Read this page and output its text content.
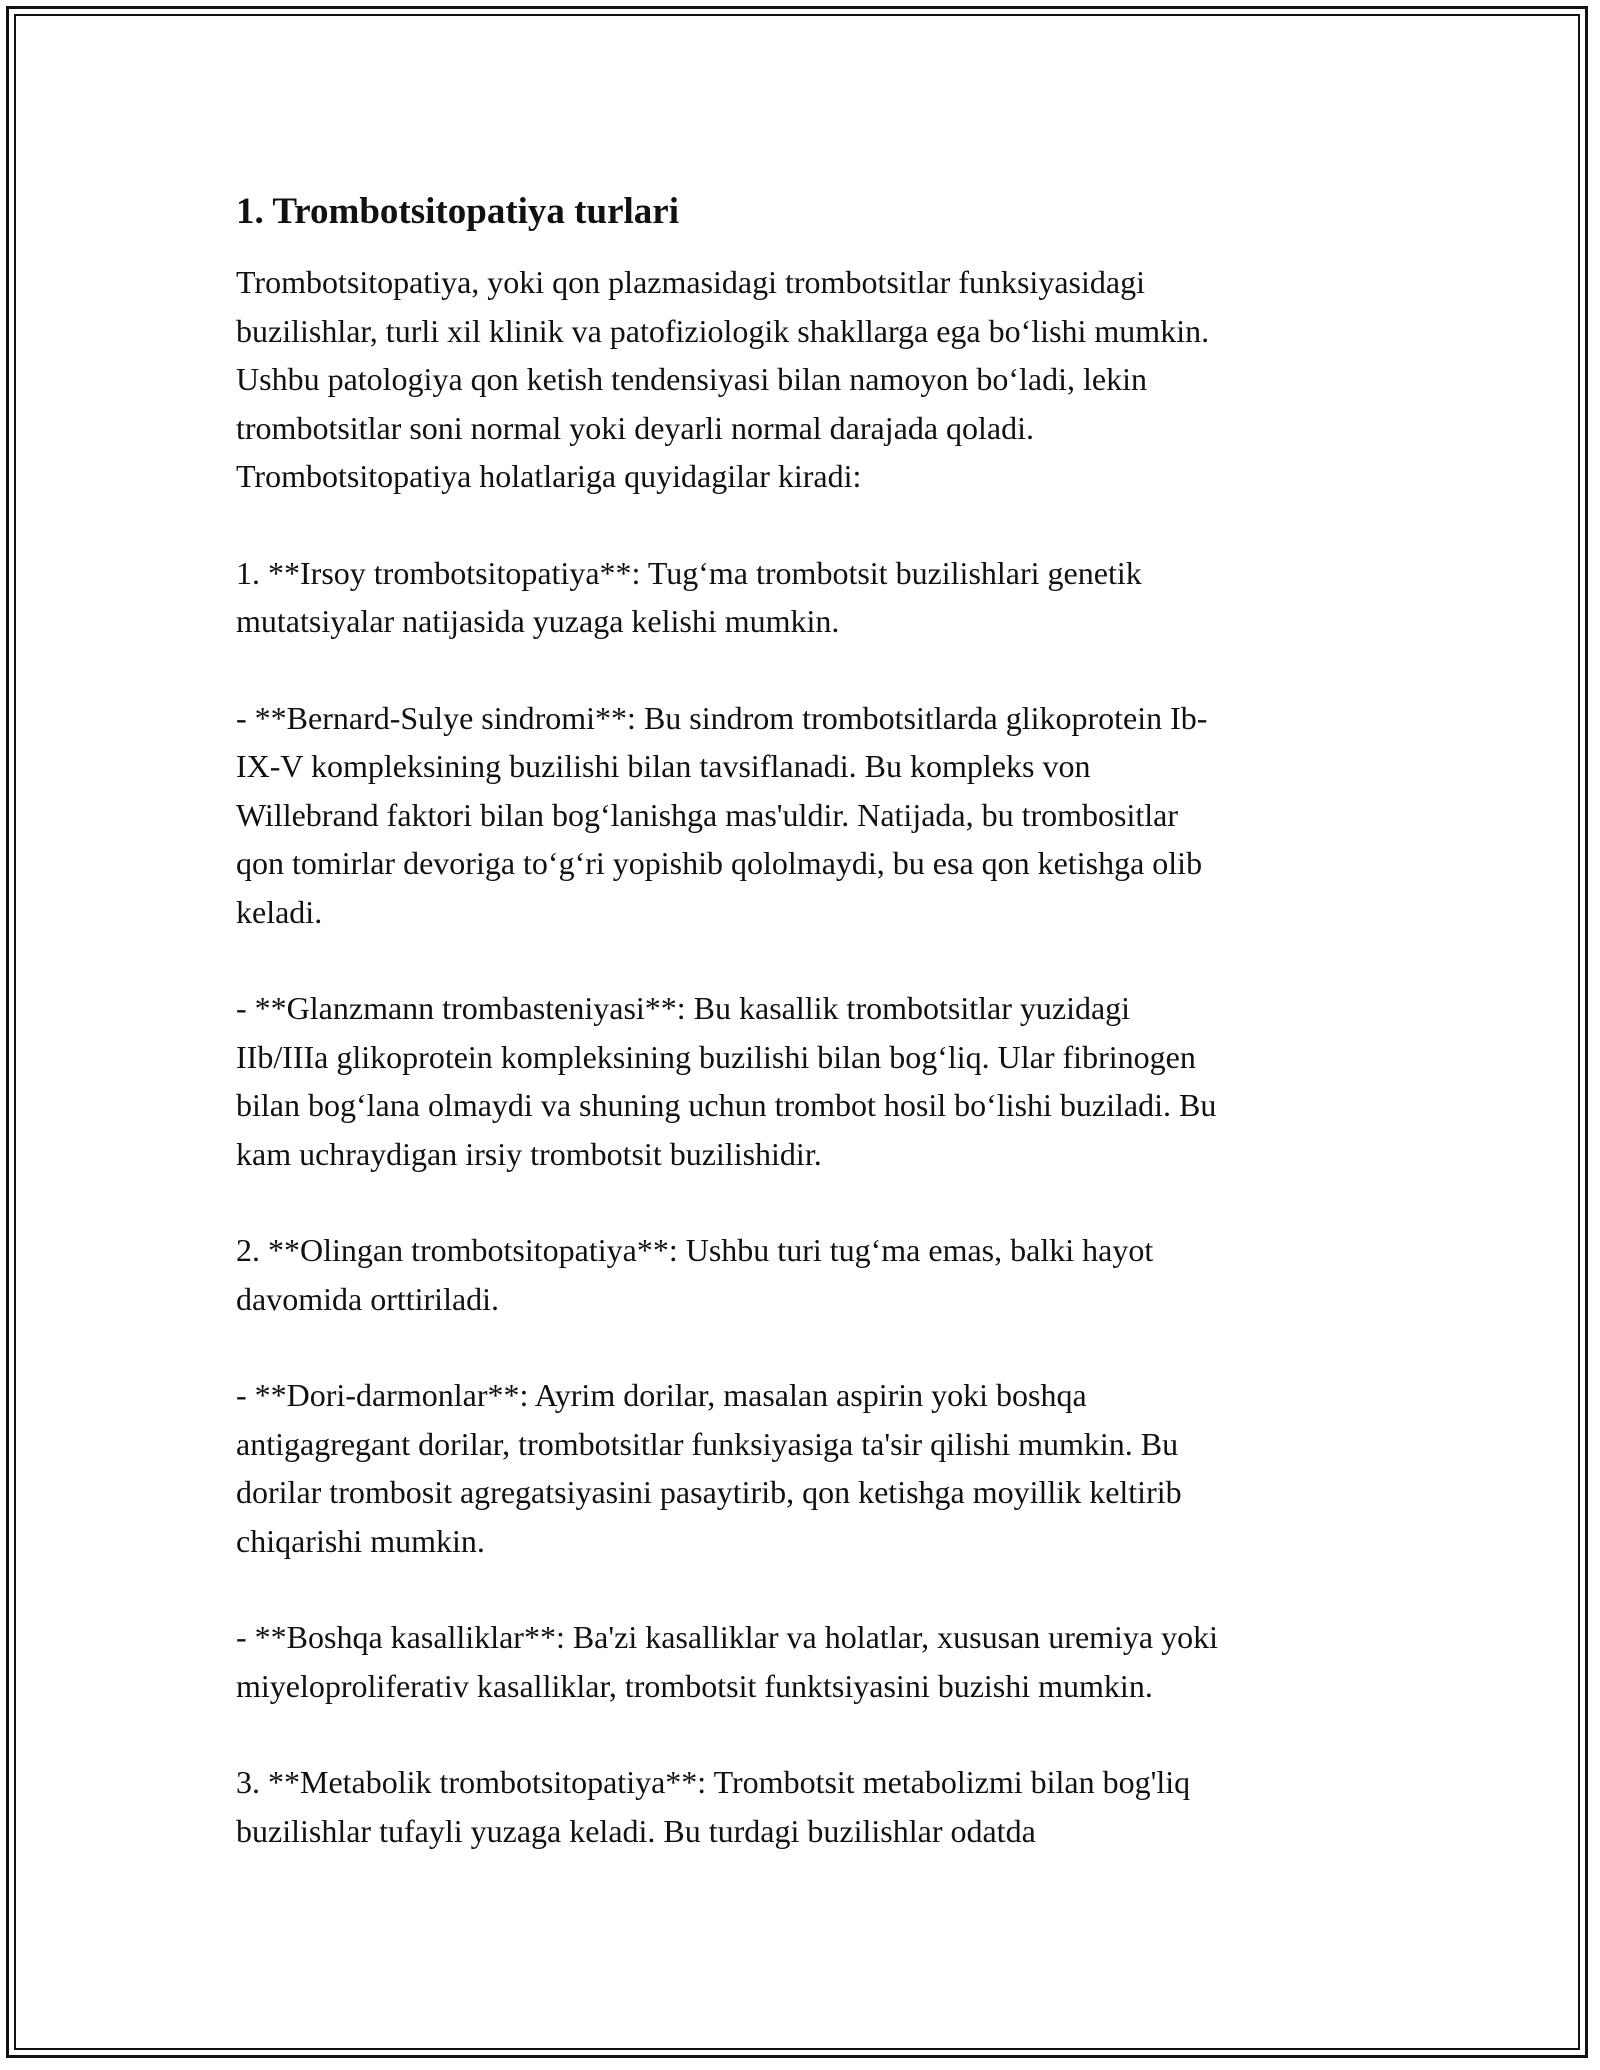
1. Trombotsitopatiya turlari

Trombotsitopatiya, yoki qon plazmasidagi trombotsitlar funksiyasidagi
buzilishlar, turli xil klinik va patofiziologik shakllarga ega boʻlishi mumkin.
Ushbu patologiya qon ketish tendensiyasi bilan namoyon boʻladi, lekin
trombotsitlar soni normal yoki deyarli normal darajada qoladi.
Trombotsitopatiya holatlariga quyidagilar kiradi:

1. **Irsoy trombotsitopatiya**: Tugʻma trombotsit buzilishlari genetik
mutatsiyalar natijasida yuzaga kelishi mumkin.

- **Bernard-Sulye sindromi**: Bu sindrom trombotsitlarda glikoprotein Ib-
IX-V kompleksining buzilishi bilan tavsiflanadi. Bu kompleks von
Willebrand faktori bilan bogʻlanishga mas'uldir. Natijada, bu trombositlar
qon tomirlar devoriga toʻgʻri yopishib qololmaydi, bu esa qon ketishga olib
keladi.

- **Glanzmann trombasteniyasi**: Bu kasallik trombotsitlar yuzidagi
IIb/IIIa glikoprotein kompleksining buzilishi bilan bogʻliq. Ular fibrinogen
bilan bogʻlana olmaydi va shuning uchun trombot hosil boʻlishi buziladi. Bu
kam uchraydigan irsiy trombotsit buzilishidir.

2. **Olingan trombotsitopatiya**: Ushbu turi tugʻma emas, balki hayot
davomida orttiriladi.

- **Dori-darmonlar**: Ayrim dorilar, masalan aspirin yoki boshqa
antigagregant dorilar, trombotsitlar funksiyasiga ta'sir qilishi mumkin. Bu
dorilar trombosit agregatsiyasini pasaytirib, qon ketishga moyillik keltirib
chiqarishi mumkin.

- **Boshqa kasalliklar**: Ba'zi kasalliklar va holatlar, xususan uremiya yoki
miyeloproliferativ kasalliklar, trombotsit funktsiyasini buzishi mumkin.

3. **Metabolik trombotsitopatiya**: Trombotsit metabolizmi bilan bog'liq
buzilishlar tufayli yuzaga keladi. Bu turdagi buzilishlar odatda
